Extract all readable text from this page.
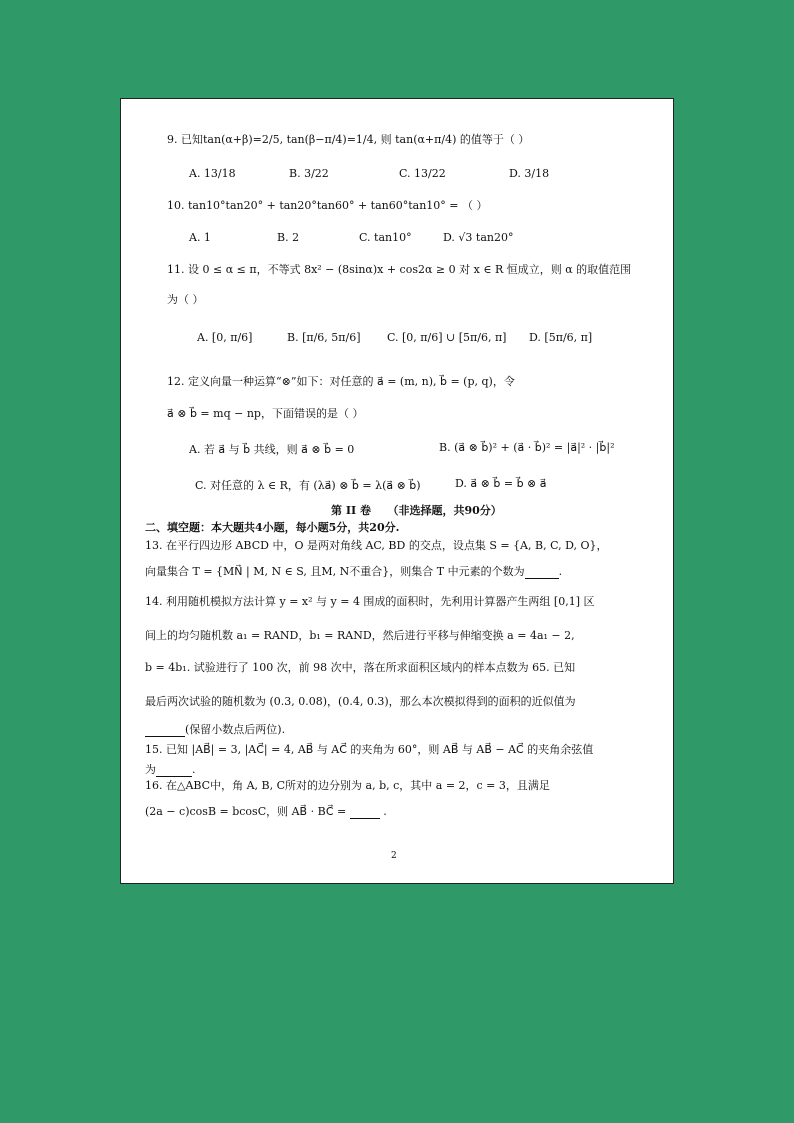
9. 已知tan(α+β)=2/5, tan(β−π/4)=1/4, 则 tan(α+π/4) 的值等于（ ）
A. 13/18	B. 3/22	C. 13/22	D. 3/18
10. tan10°tan20° + tan20°tan60° + tan60°tan10° = （ ）
A. 1	B. 2	C. tan10°	D. √3 tan20°
11. 设 0 ≤ α ≤ π，不等式 8x² − (8sinα)x + cos2α ≥ 0 对 x ∈ R 恒成立，则 α 的取值范围
为（ ）
A. [0, π/6]	B. [π/6, 5π/6] C. [0, π/6] ∪ [5π/6, π] D. [5π/6, π]
12. 定义向量一种运算“⊗”如下：对任意的 a⃗ = (m, n), b⃗ = (p, q)，令
a⃗ ⊗ b⃗ = mq − np，下面错误的是（ ）
A. 若 a⃗ 与 b⃗ 共线，则 a⃗ ⊗ b⃗ = 0	B. (a⃗ ⊗ b⃗)² + (a⃗ · b⃗)² = |a⃗|² · |b⃗|²
C. 对任意的 λ ∈ R，有 (λa⃗) ⊗ b⃗ = λ(a⃗ ⊗ b⃗)	D. a⃗ ⊗ b⃗ = b⃗ ⊗ a⃗
第 II 卷　　（非选择题，共90分）
二、填空题：本大题共4小题，每小题5分，共20分.
13. 在平行四边形 ABCD 中，O 是两对角线 AC, BD 的交点，设点集 S = {A, B, C, D, O}，
向量集合 T = {MN⃗ | M, N ∈ S, 且M, N不重合}，则集合 T 中元素的个数为	.
14. 利用随机模拟方法计算 y = x² 与 y = 4 围成的面积时，先利用计算器产生两组 [0,1] 区
间上的均匀随机数 a₁ = RAND，b₁ = RAND，然后进行平移与伸缩变换 a = 4a₁ − 2,
b = 4b₁. 试验进行了 100 次，前 98 次中，落在所求面积区域内的样本点数为 65. 已知
最后两次试验的随机数为 (0.3, 0.08)，(0.4, 0.3)，那么本次模拟得到的面积的近似值为
(保留小数点后两位).
15. 已知 |AB⃗| = 3, |AC⃗| = 4, AB⃗ 与 AC⃗ 的夹角为 60°，则 AB⃗ 与 AB⃗ − AC⃗ 的夹角余弦值
为	.
16. 在△ABC中，角 A, B, C所对的边分别为 a, b, c，其中 a = 2，c = 3，且满足
(2a − c)cosB = bcosC，则 AB⃗ · BC⃗ =	.
2
